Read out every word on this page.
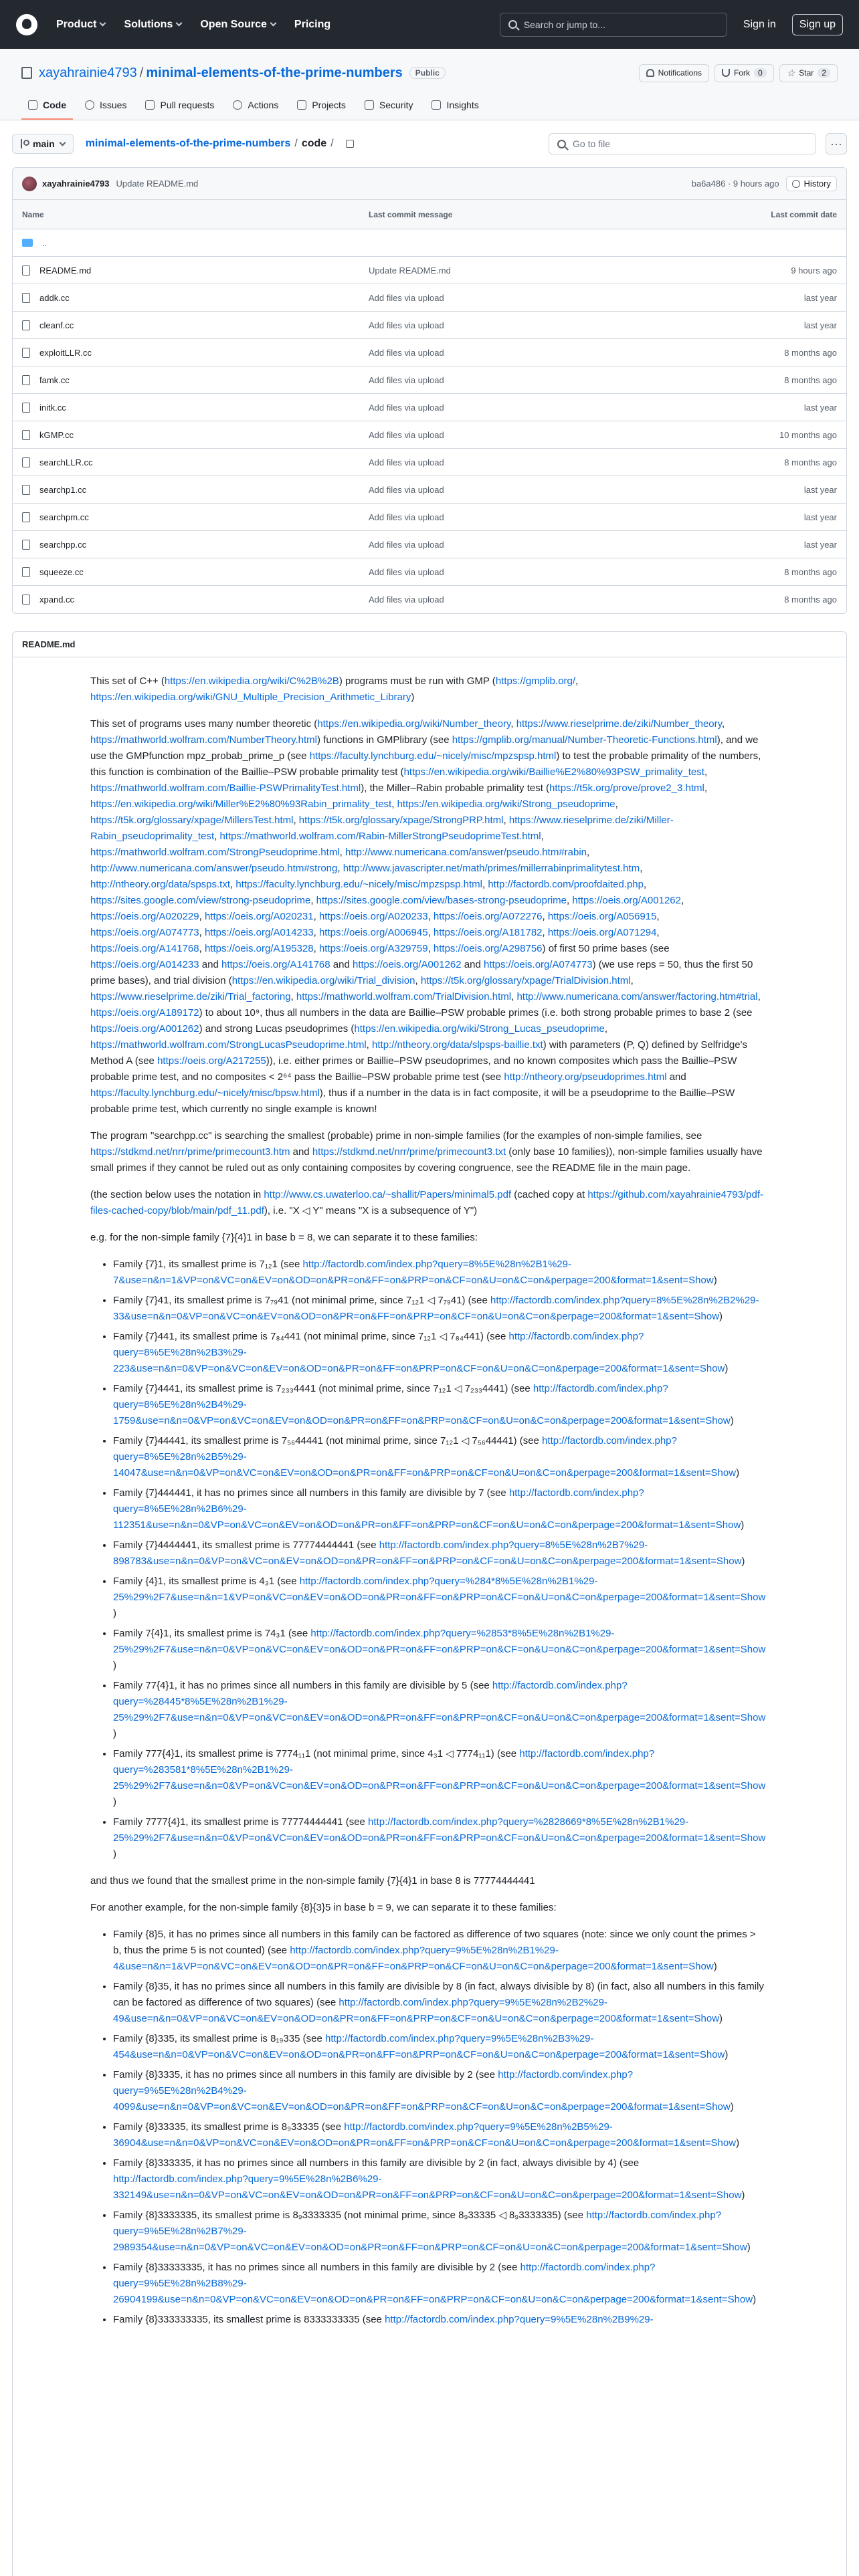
Product	Solutions	Open Source	Pricing	Search or jump to...	Sign in	Sign up
xayahrainie4793 / minimal-elements-of-the-prime-numbers	Public	Notifications	Fork	0	☆ Star	2
Code	Issues	Pull requests	Actions	Projects	Security	Insights
main	minimal-elements-of-the-prime-numbers / code /	Go to file	···
xayahrainie4793 Update README.md	ba6a486 · 9 hours ago	History
Name	Last commit message	Last commit date
..
README.md	Update README.md	9 hours ago
addk.cc	Add files via upload	last year
cleanf.cc	Add files via upload	last year
exploitLLR.cc	Add files via upload	8 months ago
famk.cc	Add files via upload	8 months ago
initk.cc	Add files via upload	last year
kGMP.cc	Add files via upload	10 months ago
searchLLR.cc	Add files via upload	8 months ago
searchp1.cc	Add files via upload	last year
searchpm.cc	Add files via upload	last year
searchpp.cc	Add files via upload	last year
squeeze.cc	Add files via upload	8 months ago
xpand.cc	Add files via upload	8 months ago
README.md

This set of C++ (https://en.wikipedia.org/wiki/C%2B%2B) programs must be run with GMP (https://gmplib.org/, https://en.wikipedia.org/wiki/GNU_Multiple_Precision_Arithmetic_Library)

This set of programs uses many number theoretic (https://en.wikipedia.org/wiki/Number_theory, https://www.rieselprime.de/ziki/Number_theory, https://mathworld.wolfram.com/NumberTheory.html) functions in GMPlibrary (see https://gmplib.org/manual/Number-Theoretic-Functions.html), and we use the GMPfunction mpz_probab_prime_p (see https://faculty.lynchburg.edu/~nicely/misc/mpzspsp.html) to test the probable primality of the numbers, this function is combination of the Baillie–PSW probable primality test (https://en.wikipedia.org/wiki/Baillie%E2%80%93PSW_primality_test, https://mathworld.wolfram.com/Baillie-PSWPrimalityTest.html), the Miller–Rabin probable primality test (https://t5k.org/prove/prove2_3.html, https://en.wikipedia.org/wiki/Miller%E2%80%93Rabin_primality_test, https://en.wikipedia.org/wiki/Strong_pseudoprime, https://t5k.org/glossary/xpage/MillersTest.html, https://t5k.org/glossary/xpage/StrongPRP.html, https://www.rieselprime.de/ziki/Miller-Rabin_pseudoprimality_test, https://mathworld.wolfram.com/Rabin-MillerStrongPseudoprimeTest.html, https://mathworld.wolfram.com/StrongPseudoprime.html, http://www.numericana.com/answer/pseudo.htm#rabin, http://www.numericana.com/answer/pseudo.htm#strong, http://www.javascripter.net/math/primes/millerrabinprimalitytest.htm, http://ntheory.org/data/spsps.txt, https://faculty.lynchburg.edu/~nicely/misc/mpzspsp.html, http://factordb.com/proofdaited.php, https://sites.google.com/view/strong-pseudoprime, https://sites.google.com/view/bases-strong-pseudoprime, https://oeis.org/A001262, https://oeis.org/A020229, https://oeis.org/A020231, https://oeis.org/A020233, https://oeis.org/A072276, https://oeis.org/A056915, https://oeis.org/A074773, https://oeis.org/A014233, https://oeis.org/A006945, https://oeis.org/A181782, https://oeis.org/A071294, https://oeis.org/A141768, https://oeis.org/A195328, https://oeis.org/A329759, https://oeis.org/A298756) of first 50 prime bases (see https://oeis.org/A014233 and https://oeis.org/A141768 and https://oeis.org/A001262 and https://oeis.org/A074773) (we use reps = 50, thus the first 50 prime bases), and trial division (https://en.wikipedia.org/wiki/Trial_division, https://t5k.org/glossary/xpage/TrialDivision.html, https://www.rieselprime.de/ziki/Trial_factoring, https://mathworld.wolfram.com/TrialDivision.html, http://www.numericana.com/answer/factoring.htm#trial, https://oeis.org/A189172) to about 10⁹, thus all numbers in the data are Baillie–PSW probable primes (i.e. both strong probable primes to base 2 (see https://oeis.org/A001262) and strong Lucas pseudoprimes (https://en.wikipedia.org/wiki/Strong_Lucas_pseudoprime, https://mathworld.wolfram.com/StrongLucasPseudoprime.html, http://ntheory.org/data/slpsps-baillie.txt) with parameters (P, Q) defined by Selfridge's Method A (see https://oeis.org/A217255)), i.e. either primes or Baillie–PSW pseudoprimes, and no known composites which pass the Baillie–PSW probable prime test, and no composites < 2⁶⁴ pass the Baillie–PSW probable prime test (see http://ntheory.org/pseudoprimes.html and https://faculty.lynchburg.edu/~nicely/misc/bpsw.html), thus if a number in the data is in fact composite, it will be a pseudoprime to the Baillie–PSW probable prime test, which currently no single example is known!

The program "searchpp.cc" is searching the smallest (probable) prime in non-simple families (for the examples of non-simple families, see https://stdkmd.net/nrr/prime/primecount3.htm and https://stdkmd.net/nrr/prime/primecount3.txt (only base 10 families)), non-simple families usually have small primes if they cannot be ruled out as only containing composites by covering congruence, see the README file in the main page.

(the section below uses the notation in http://www.cs.uwaterloo.ca/~shallit/Papers/minimal5.pdf (cached copy at https://github.com/xayahrainie4793/pdf-files-cached-copy/blob/main/pdf_11.pdf), i.e. "X ◁ Y" means "X is a subsequence of Y")

e.g. for the non-simple family {7}{4}1 in base b = 8, we can separate it to these families:

• Family {7}1, its smallest prime is 7₁₂1 (see http://factordb.com/index.php?query=8%5E%28n%2B1%29-7&use=n&n=1&VP=on&VC=on&EV=on&OD=on&PR=on&FF=on&PRP=on&CF=on&U=on&C=on&perpage=200&format=1&sent=Show)
• Family {7}41, its smallest prime is 7₇₉41 (not minimal prime, since 7₁₂1 ◁ 7₇₉41) (see http://factordb.com/index.php?query=8%5E%28n%2B2%29-33&use=n&n=0&VP=on&VC=on&EV=on&OD=on&PR=on&FF=on&PRP=on&CF=on&U=on&C=on&perpage=200&format=1&sent=Show)
• Family {7}441, its smallest prime is 7₈₄441 (not minimal prime, since 7₁₂1 ◁ 7₈₄441) (see http://factordb.com/index.php?query=8%5E%28n%2B3%29-223&use=n&n=0&VP=on&VC=on&EV=on&OD=on&PR=on&FF=on&PRP=on&CF=on&U=on&C=on&perpage=200&format=1&sent=Show)
• Family {7}4441, its smallest prime is 7₂₃₃4441 (not minimal prime, since 7₁₂1 ◁ 7₂₃₃4441) (see http://factordb.com/index.php?query=8%5E%28n%2B4%29-1759&use=n&n=0&VP=on&VC=on&EV=on&OD=on&PR=on&FF=on&PRP=on&CF=on&U=on&C=on&perpage=200&format=1&sent=Show)
• Family {7}44441, its smallest prime is 7₅₆44441 (not minimal prime, since 7₁₂1 ◁ 7₅₆44441) (see http://factordb.com/index.php?query=8%5E%28n%2B5%29-14047&use=n&n=0&VP=on&VC=on&EV=on&OD=on&PR=on&FF=on&PRP=on&CF=on&U=on&C=on&perpage=200&format=1&sent=Show)
• Family {7}444441, it has no primes since all numbers in this family are divisible by 7 (see http://factordb.com/index.php?query=8%5E%28n%2B6%29-112351&use=n&n=0&VP=on&VC=on&EV=on&OD=on&PR=on&FF=on&PRP=on&CF=on&U=on&C=on&perpage=200&format=1&sent=Show)
• Family {7}4444441, its smallest prime is 77774444441 (see http://factordb.com/index.php?query=8%5E%28n%2B7%29-898783&use=n&n=0&VP=on&VC=on&EV=on&OD=on&PR=on&FF=on&PRP=on&CF=on&U=on&C=on&perpage=200&format=1&sent=Show)
• Family {4}1, its smallest prime is 4₃1 (see http://factordb.com/index.php?query=%284*8%5E%28n%2B1%29-25%29%2F7&use=n&n=1&VP=on&VC=on&EV=on&OD=on&PR=on&FF=on&PRP=on&CF=on&U=on&C=on&perpage=200&format=1&sent=Show)
• Family 7{4}1, its smallest prime is 74₃1 (see http://factordb.com/index.php?query=%2853*8%5E%28n%2B1%29-25%29%2F7&use=n&n=0&VP=on&VC=on&EV=on&OD=on&PR=on&FF=on&PRP=on&CF=on&U=on&C=on&perpage=200&format=1&sent=Show)
• Family 77{4}1, it has no primes since all numbers in this family are divisible by 5 (see http://factordb.com/index.php?query=%28445*8%5E%28n%2B1%29-25%29%2F7&use=n&n=0&VP=on&VC=on&EV=on&OD=on&PR=on&FF=on&PRP=on&CF=on&U=on&C=on&perpage=200&format=1&sent=Show)
• Family 777{4}1, its smallest prime is 7774₁₁1 (not minimal prime, since 4₃1 ◁ 7774₁₁1) (see http://factordb.com/index.php?query=%283581*8%5E%28n%2B1%29-25%29%2F7&use=n&n=0&VP=on&VC=on&EV=on&OD=on&PR=on&FF=on&PRP=on&CF=on&U=on&C=on&perpage=200&format=1&sent=Show)
• Family 7777{4}1, its smallest prime is 77774444441 (see http://factordb.com/index.php?query=%2828669*8%5E%28n%2B1%29-25%29%2F7&use=n&n=0&VP=on&VC=on&EV=on&OD=on&PR=on&FF=on&PRP=on&CF=on&U=on&C=on&perpage=200&format=1&sent=Show)

and thus we found that the smallest prime in the non-simple family {7}{4}1 in base 8 is 77774444441

For another example, for the non-simple family {8}{3}5 in base b = 9, we can separate it to these families:

• Family {8}5, it has no primes since all numbers in this family can be factored as difference of two squares (note: since we only count the primes > b, thus the prime 5 is not counted) (see http://factordb.com/index.php?query=9%5E%28n%2B1%29-4&use=n&n=1&VP=on&VC=on&EV=on&OD=on&PR=on&FF=on&PRP=on&CF=on&U=on&C=on&perpage=200&format=1&sent=Show)
• Family {8}35, it has no primes since all numbers in this family are divisible by 8 (in fact, always divisible by 8) (in fact, also all numbers in this family can be factored as difference of two squares) (see http://factordb.com/index.php?query=9%5E%28n%2B2%29-49&use=n&n=0&VP=on&VC=on&EV=on&OD=on&PR=on&FF=on&PRP=on&CF=on&U=on&C=on&perpage=200&format=1&sent=Show)
• Family {8}335, its smallest prime is 8₁₉335 (see http://factordb.com/index.php?query=9%5E%28n%2B3%29-454&use=n&n=0&VP=on&VC=on&EV=on&OD=on&PR=on&FF=on&PRP=on&CF=on&U=on&C=on&perpage=200&format=1&sent=Show)
• Family {8}3335, it has no primes since all numbers in this family are divisible by 2 (see http://factordb.com/index.php?query=9%5E%28n%2B4%29-4099&use=n&n=0&VP=on&VC=on&EV=on&OD=on&PR=on&FF=on&PRP=on&CF=on&U=on&C=on&perpage=200&format=1&sent=Show)
• Family {8}33335, its smallest prime is 8₉33335 (see http://factordb.com/index.php?query=9%5E%28n%2B5%29-36904&use=n&n=0&VP=on&VC=on&EV=on&OD=on&PR=on&FF=on&PRP=on&CF=on&U=on&C=on&perpage=200&format=1&sent=Show)
• Family {8}333335, it has no primes since all numbers in this family are divisible by 2 (in fact, always divisible by 4) (see http://factordb.com/index.php?query=9%5E%28n%2B6%29-332149&use=n&n=0&VP=on&VC=on&EV=on&OD=on&PR=on&FF=on&PRP=on&CF=on&U=on&C=on&perpage=200&format=1&sent=Show)
• Family {8}3333335, its smallest prime is 8₉3333335 (not minimal prime, since 8₉33335 ◁ 8₉3333335) (see http://factordb.com/index.php?query=9%5E%28n%2B7%29-2989354&use=n&n=0&VP=on&VC=on&EV=on&OD=on&PR=on&FF=on&PRP=on&CF=on&U=on&C=on&perpage=200&format=1&sent=Show)
• Family {8}33333335, it has no primes since all numbers in this family are divisible by 2 (see http://factordb.com/index.php?query=9%5E%28n%2B8%29-26904199&use=n&n=0&VP=on&VC=on&EV=on&OD=on&PR=on&FF=on&PRP=on&CF=on&U=on&C=on&perpage=200&format=1&sent=Show)
• Family {8}333333335, its smallest prime is 8333333335 (see http://factordb.com/index.php?query=9%5E%28n%2B9%29-
